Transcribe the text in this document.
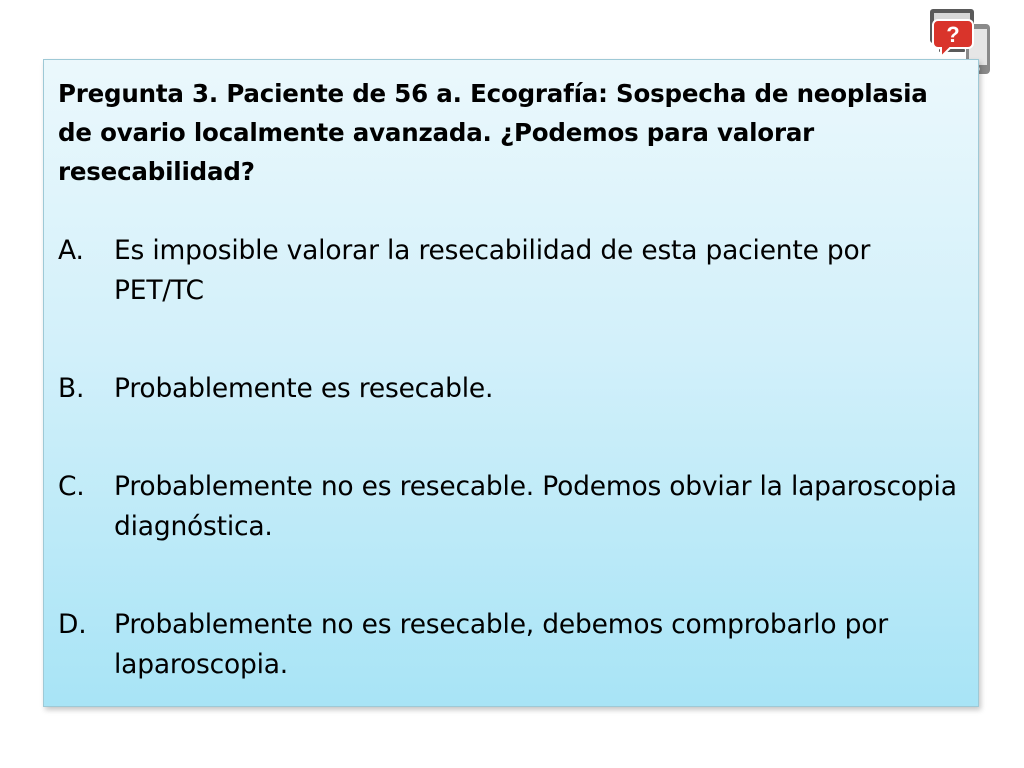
?

Pregunta 3. Paciente de 56 a. Ecografía: Sospecha de neoplasia de ovario localmente avanzada. ¿Podemos para valorar resecabilidad?

A.	Es imposible valorar la resecabilidad de esta paciente por PET/TC
B.	Probablemente es resecable.
C.	Probablemente no es resecable. Podemos obviar la laparoscopia diagnóstica.
D.	Probablemente no es resecable, debemos comprobarlo por laparoscopia.
